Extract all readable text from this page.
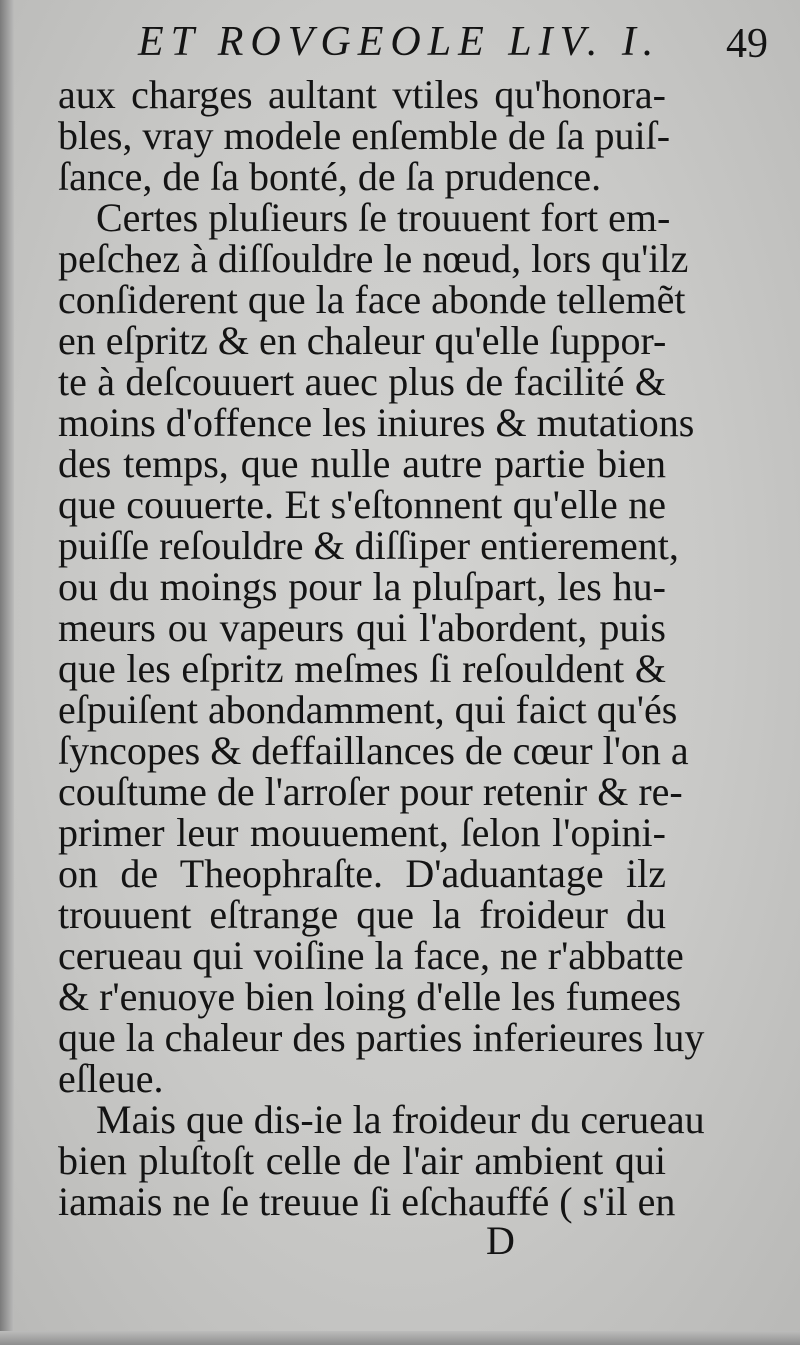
ET ROVGEOLE LIV. I. 49
aux charges aultant vtiles qu'honora-
bles, vray modele enſemble de ſa puiſ-
ſance, de ſa bonté, de ſa prudence.
Certes pluſieurs ſe trouuent fort em-
peſchez à diſſouldre le nœud, lors qu'ilz
conſiderent que la face abonde tellemẽt
en eſpritz & en chaleur qu'elle ſuppor-
te à deſcouuert auec plus de facilité &
moins d'offence les iniures & mutations
des temps, que nulle autre partie bien
que couuerte. Et s'eſtonnent qu'elle ne
puiſſe reſouldre & diſſiper entierement,
ou du moings pour la pluſpart, les hu-
meurs ou vapeurs qui l'abordent, puis
que les eſpritz meſmes ſi reſouldent &
eſpuiſent abondamment, qui faict qu'és
ſyncopes & deffaillances de cœur l'on a
couſtume de l'arroſer pour retenir & re-
primer leur mouuement, ſelon l'opini-
on de Theophraſte. D'aduantage ilz
trouuent eſtrange que la froideur du
cerueau qui voiſine la face, ne r'abbatte
& r'enuoye bien loing d'elle les fumees
que la chaleur des parties inferieures luy
eſleue.
Mais que dis-ie la froideur du cerueau
bien pluſtoſt celle de l'air ambient qui
iamais ne ſe treuue ſi eſchauffé ( s'il en
D
